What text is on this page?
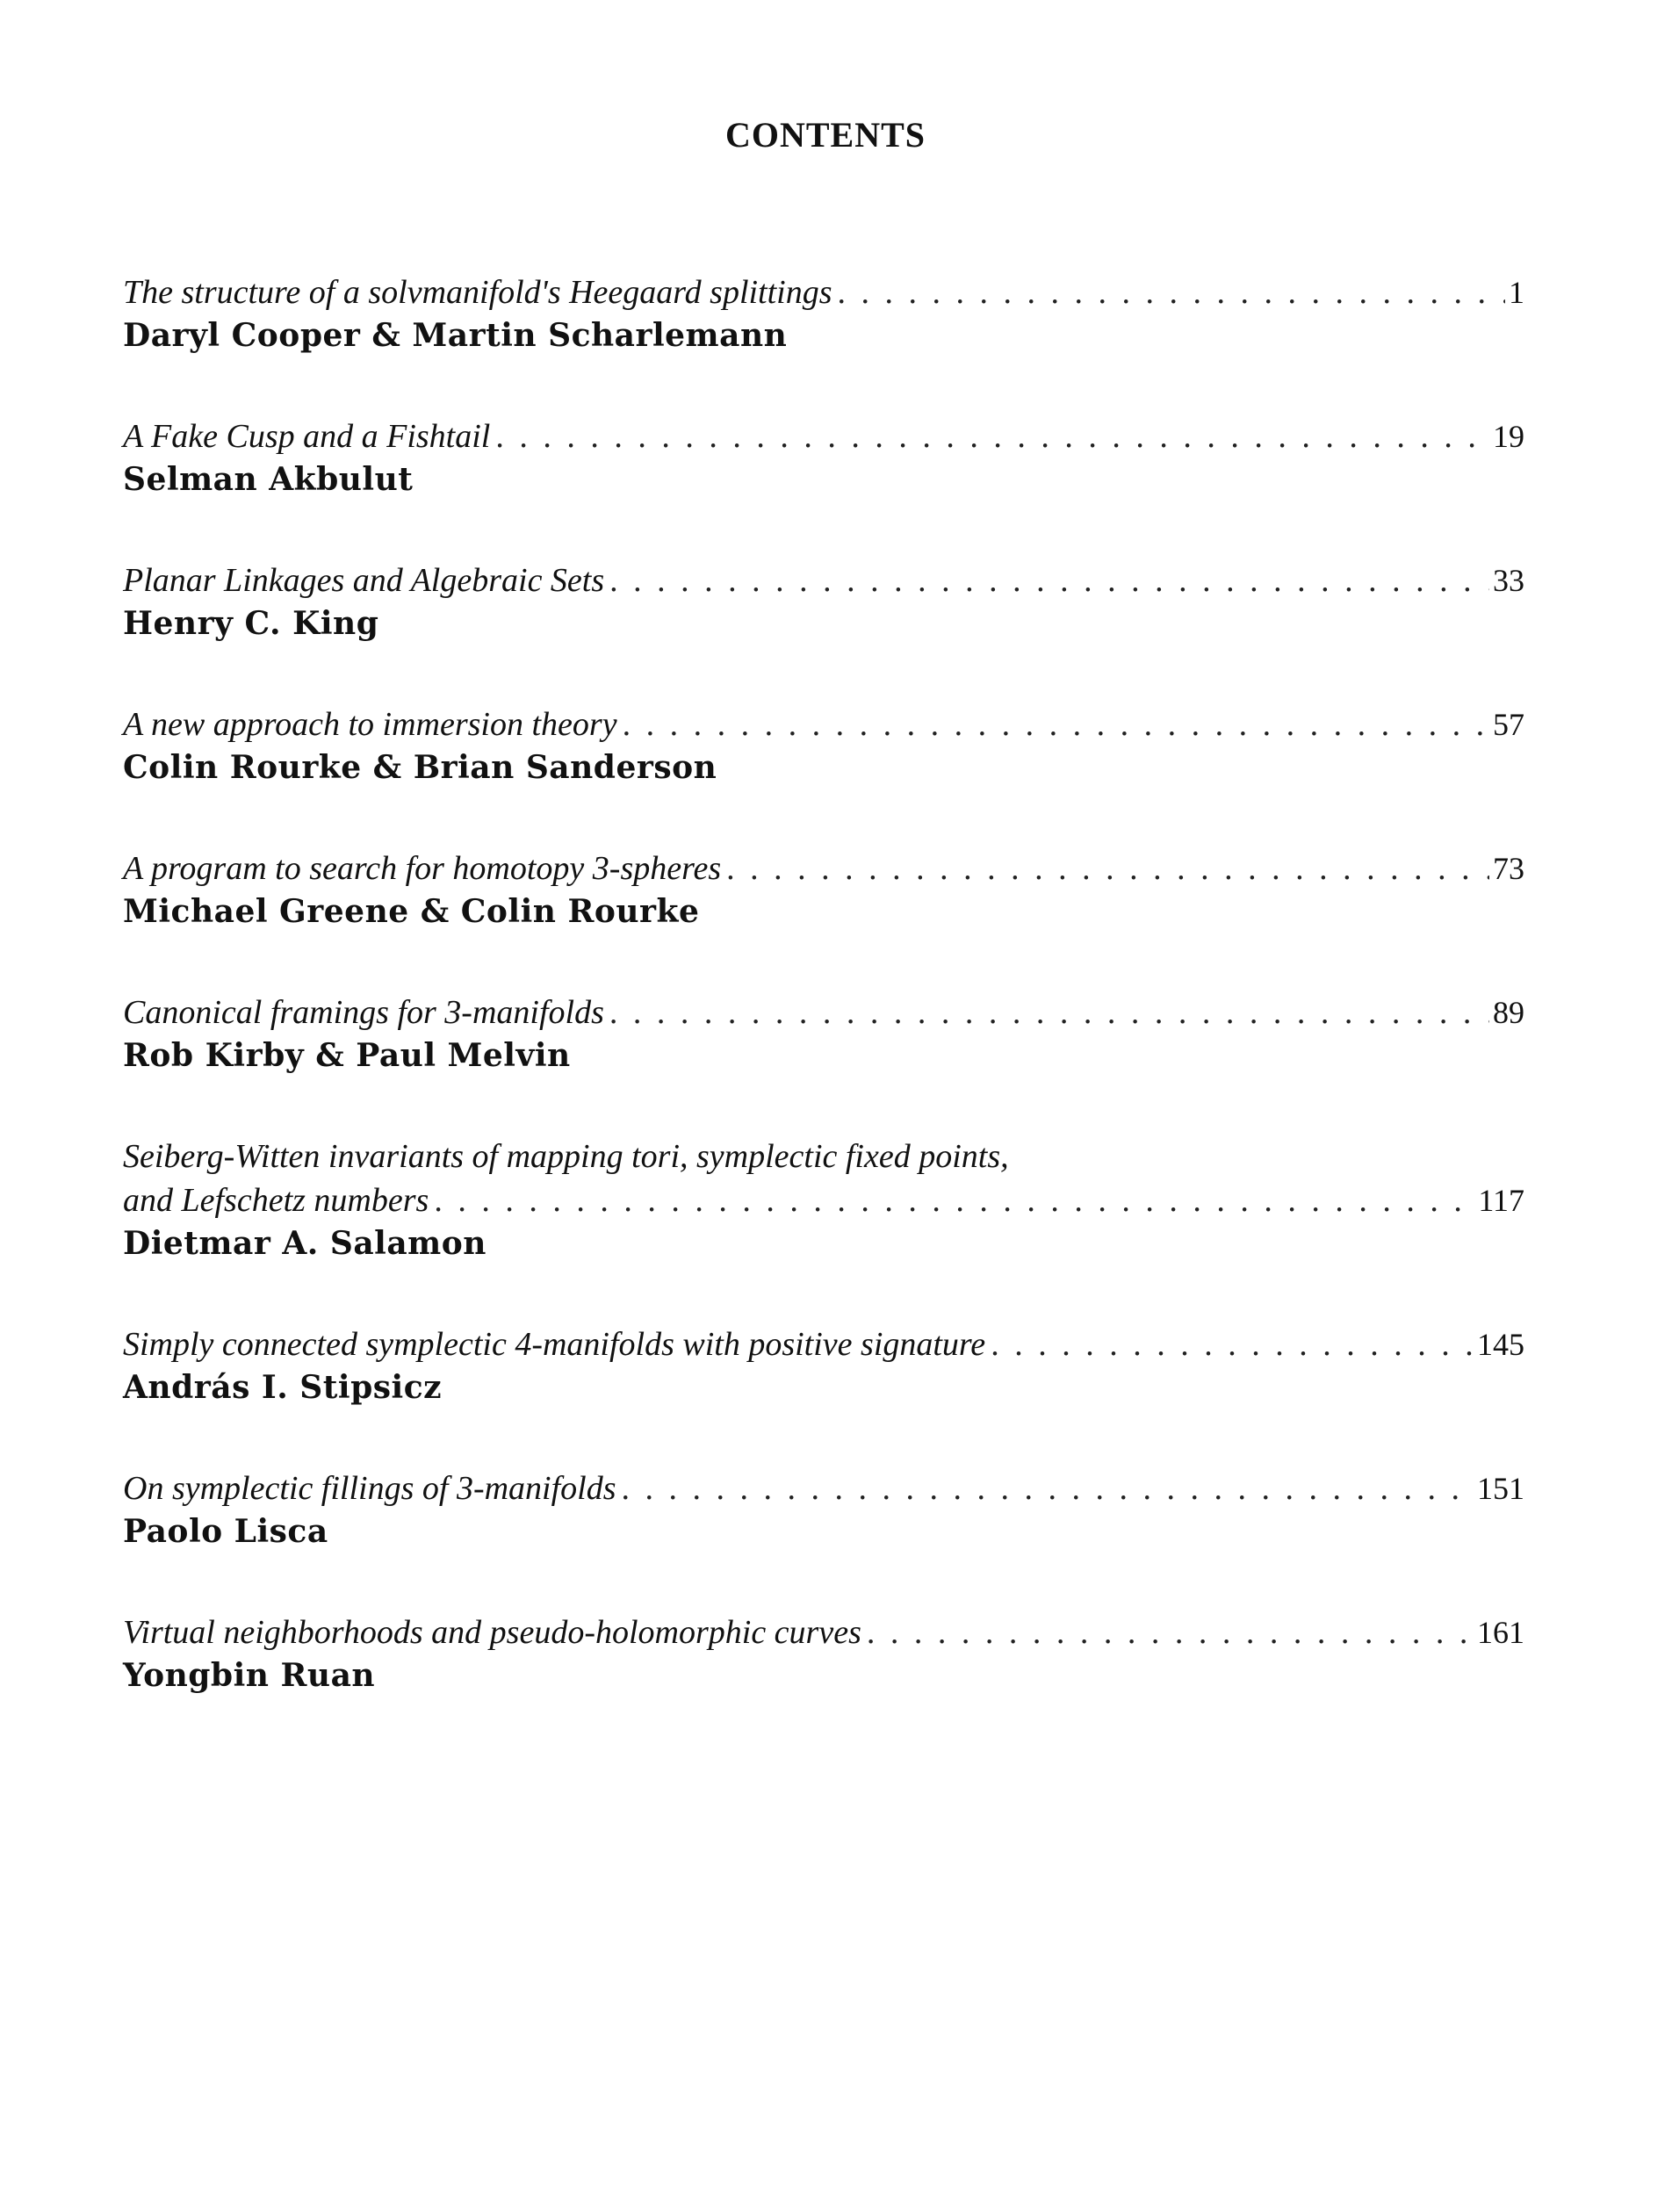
CONTENTS
The structure of a solvmanifold's Heegaard splittings . . .	1
Daryl Cooper & Martin Scharlemann
A Fake Cusp and a Fishtail . . .	19
Selman Akbulut
Planar Linkages and Algebraic Sets . . .	33
Henry C. King
A new approach to immersion theory . . .	57
Colin Rourke & Brian Sanderson
A program to search for homotopy 3-spheres . . .	73
Michael Greene & Colin Rourke
Canonical framings for 3-manifolds . . .	89
Rob Kirby & Paul Melvin
Seiberg-Witten invariants of mapping tori, symplectic fixed points,
and Lefschetz numbers . . .	117
Dietmar A. Salamon
Simply connected symplectic 4-manifolds with positive signature . . .	145
András I. Stipsicz
On symplectic fillings of 3-manifolds . . .	151
Paolo Lisca
Virtual neighborhoods and pseudo-holomorphic curves . . .	161
Yongbin Ruan
